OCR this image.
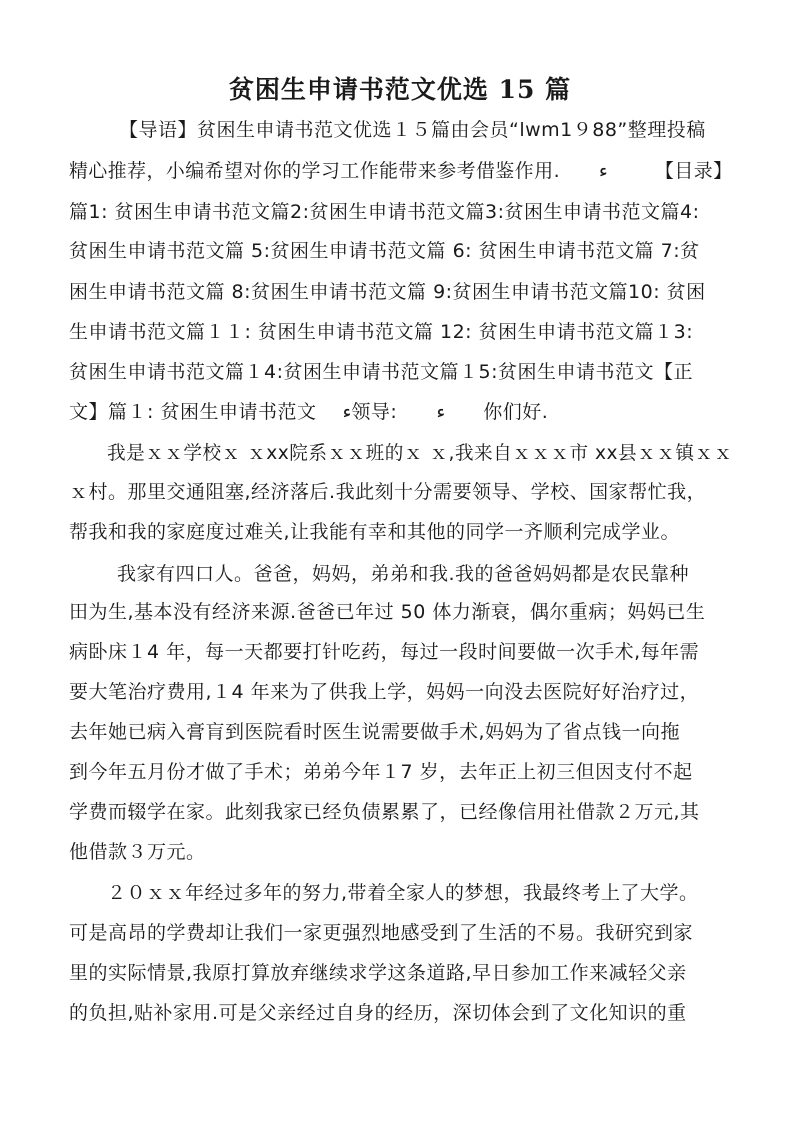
贫困生申请书范文优选 15 篇
【导语】贫困生申请书范文优选１５篇由会员“lwm1９88”整理投稿
精心推荐，小编希望对你的学习工作能带来参考借鉴作用.　　ﺀ　　　【目录】
篇1: 贫困生申请书范文篇2:贫困生申请书范文篇3:贫困生申请书范文篇4:
贫困生申请书范文篇 5:贫困生申请书范文篇 6: 贫困生申请书范文篇 7:贫
困生申请书范文篇 8:贫困生申请书范文篇 9:贫困生申请书范文篇10: 贫困
生申请书范文篇１１: 贫困生申请书范文篇 12: 贫困生申请书范文篇１3:
贫困生申请书范文篇１4:贫困生申请书范文篇１5:贫困生申请书范文【正
文】篇１: 贫困生申请书范文　 ﺀ领导:　　ﺀ　　你们好.
我是ｘｘ学校ｘ ｘxx院系ｘｘ班的ｘ ｘ,我来自ｘｘｘ市 xx县ｘｘ镇ｘｘ
ｘ村。那里交通阻塞,经济落后.我此刻十分需要领导、学校、国家帮忙我，
帮我和我的家庭度过难关,让我能有幸和其他的同学一齐顺利完成学业。
我家有四口人。爸爸，妈妈，弟弟和我.我的爸爸妈妈都是农民靠种
田为生,基本没有经济来源.爸爸已年过 50 体力渐衰，偶尔重病；妈妈已生
病卧床１4 年，每一天都要打针吃药，每过一段时间要做一次手术,每年需
要大笔治疗费用,１4 年来为了供我上学，妈妈一向没去医院好好治疗过，
去年她已病入膏肓到医院看时医生说需要做手术,妈妈为了省点钱一向拖
到今年五月份才做了手术；弟弟今年１7 岁，去年正上初三但因支付不起
学费而辍学在家。此刻我家已经负债累累了，已经像信用社借款２万元,其
他借款３万元。
２０ｘｘ年经过多年的努力,带着全家人的梦想，我最终考上了大学。
可是高昂的学费却让我们一家更强烈地感受到了生活的不易。我研究到家
里的实际情景,我原打算放弃继续求学这条道路,早日参加工作来减轻父亲
的负担,贴补家用.可是父亲经过自身的经历，深切体会到了文化知识的重
